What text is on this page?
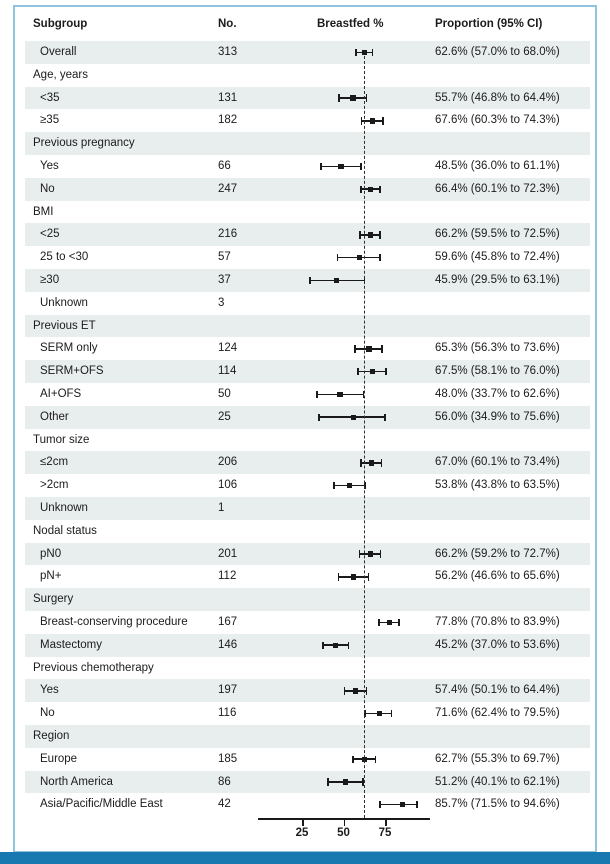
Subgroup	No.	Breastfed %	Proportion (95% CI)
Overall	313	62.6% (57.0% to 68.0%)
Age, years
<35	131	55.7% (46.8% to 64.4%)
≥35	182	67.6% (60.3% to 74.3%)
Previous pregnancy
Yes	66	48.5% (36.0% to 61.1%)
No	247	66.4% (60.1% to 72.3%)
BMI
<25	216	66.2% (59.5% to 72.5%)
25 to <30	57	59.6% (45.8% to 72.4%)
≥30	37	45.9% (29.5% to 63.1%)
Unknown	3
Previous ET
SERM only	124	65.3% (56.3% to 73.6%)
SERM+OFS	114	67.5% (58.1% to 76.0%)
AI+OFS	50	48.0% (33.7% to 62.6%)
Other	25	56.0% (34.9% to 75.6%)
Tumor size
≤2cm	206	67.0% (60.1% to 73.4%)
>2cm	106	53.8% (43.8% to 63.5%)
Unknown	1
Nodal status
pN0	201	66.2% (59.2% to 72.7%)
pN+	112	56.2% (46.6% to 65.6%)
Surgery
Breast-conserving procedure	167	77.8% (70.8% to 83.9%)
Mastectomy	146	45.2% (37.0% to 53.6%)
Previous chemotherapy
Yes	197	57.4% (50.1% to 64.4%)
No	116	71.6% (62.4% to 79.5%)
Region
Europe	185	62.7% (55.3% to 69.7%)
North America	86	51.2% (40.1% to 62.1%)
Asia/Pacific/Middle East	42	85.7% (71.5% to 94.6%)
25	50	75
